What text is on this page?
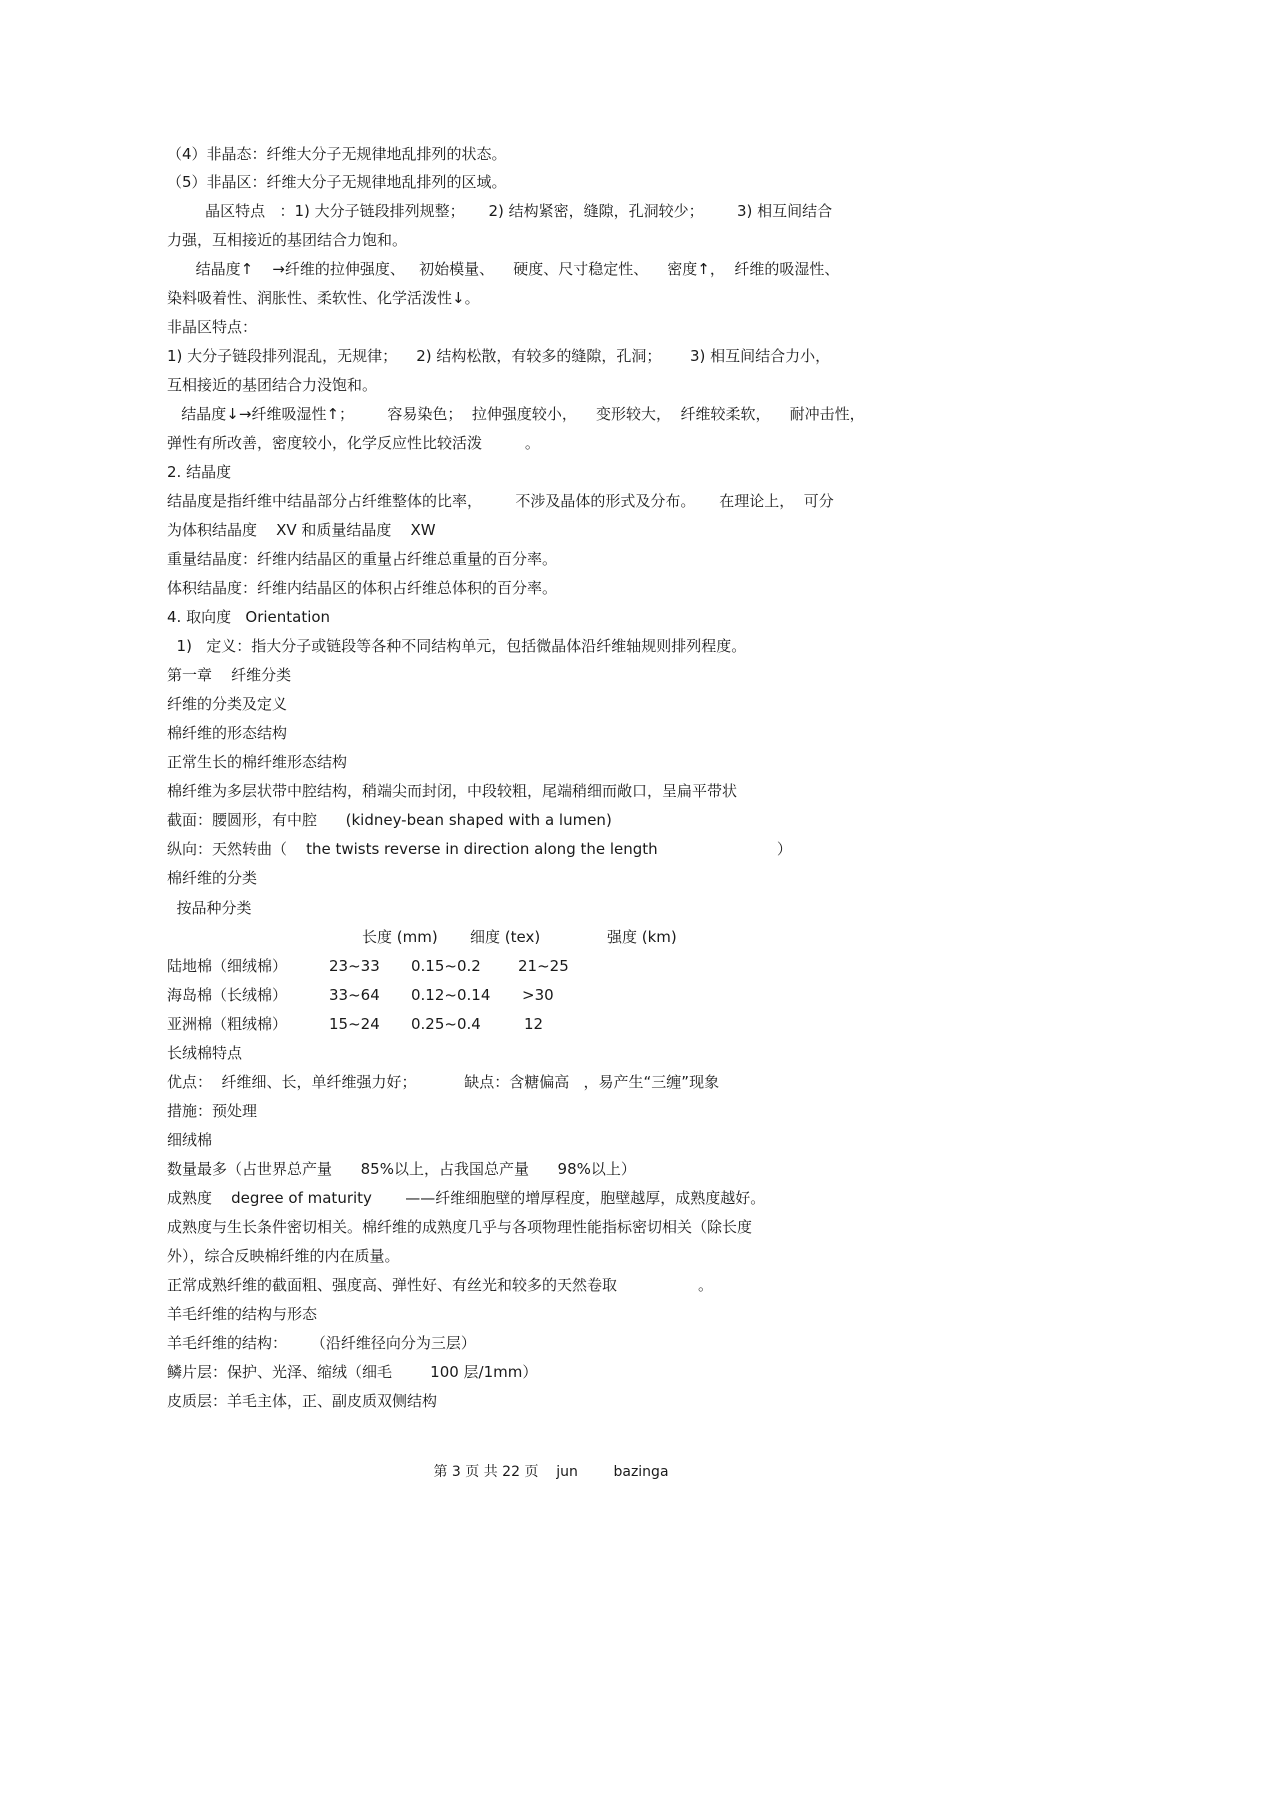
（4）非晶态：纤维大分子无规律地乱排列的状态。
（5）非晶区：纤维大分子无规律地乱排列的区域。
晶区特点   ：1) 大分子链段排列规整；     2) 结构紧密，缝隙，孔洞较少；       3) 相互间结合
力强，互相接近的基团结合力饱和。
结晶度↑    →纤维的拉伸强度、   初始模量、    硬度、尺寸稳定性、    密度↑，  纤维的吸湿性、
染料吸着性、润胀性、柔软性、化学活泼性↓。
非晶区特点：
1) 大分子链段排列混乱，无规律；    2) 结构松散，有较多的缝隙，孔洞；      3) 相互间结合力小，
互相接近的基团结合力没饱和。
结晶度↓→纤维吸湿性↑；       容易染色；  拉伸强度较小，    变形较大，  纤维较柔软，    耐冲击性，
弹性有所改善，密度较小，化学反应性比较活泼         。
2. 结晶度
结晶度是指纤维中结晶部分占纤维整体的比率，       不涉及晶体的形式及分布。     在理论上，  可分
为体积结晶度    XV 和质量结晶度    XW
重量结晶度：纤维内结晶区的重量占纤维总重量的百分率。
体积结晶度：纤维内结晶区的体积占纤维总体积的百分率。
4. 取向度   Orientation
1)   定义：指大分子或链段等各种不同结构单元，包括微晶体沿纤维轴规则排列程度。
第一章    纤维分类
纤维的分类及定义
棉纤维的形态结构
正常生长的棉纤维形态结构
棉纤维为多层状带中腔结构，稍端尖而封闭，中段较粗，尾端稍细而敞口，呈扁平带状
截面：腰圆形，有中腔      (kidney-bean shaped with a lumen)
纵向：天然转曲（    the twists reverse in direction along the length                         ）
棉纤维的分类
按品种分类
长度 (mm) 细度 (tex)	强度 (km)
陆地棉（细绒棉）	23~33 0.15~0.2 21~25
海岛棉（长绒棉）	33~64 0.12~0.14 >30
亚洲棉（粗绒棉）	15~24 0.25~0.4	12
长绒棉特点
优点：  纤维细、长，单纤维强力好；          缺点：含糖偏高   ，易产生“三缠”现象
措施：预处理
细绒棉
数量最多（占世界总产量      85%以上，占我国总产量      98%以上）
成熟度    degree of maturity       ——纤维细胞壁的增厚程度，胞壁越厚，成熟度越好。
成熟度与生长条件密切相关。棉纤维的成熟度几乎与各项物理性能指标密切相关（除长度
外），综合反映棉纤维的内在质量。
正常成熟纤维的截面粗、强度高、弹性好、有丝光和较多的天然卷取                 。
羊毛纤维的结构与形态
羊毛纤维的结构：     （沿纤维径向分为三层）
鳞片层：保护、光泽、缩绒（细毛        100 层/1mm）
皮质层：羊毛主体，正、副皮质双侧结构
第 3 页 共 22 页    jun        bazinga
